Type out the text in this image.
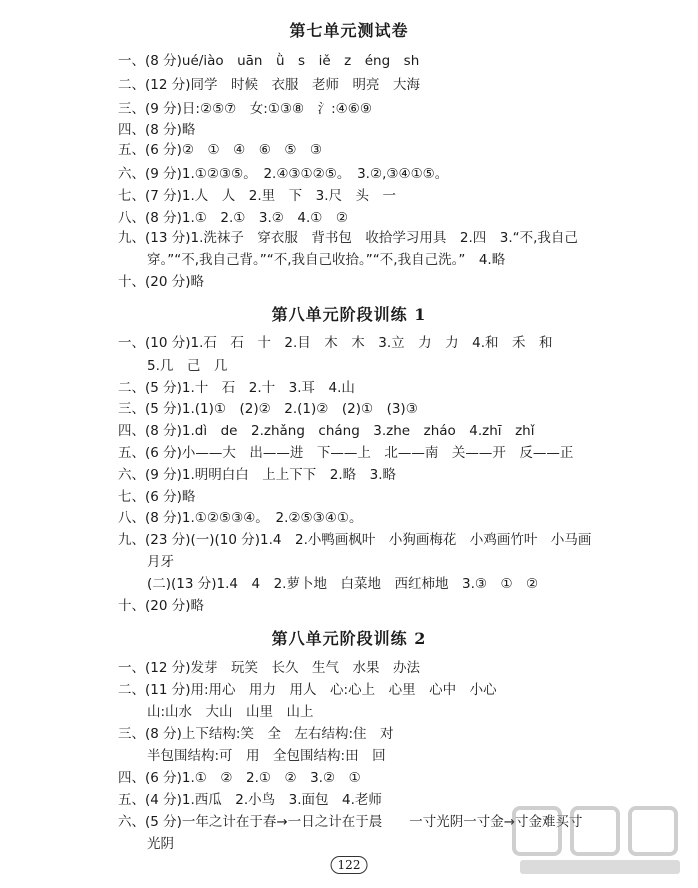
第七单元测试卷
一、(8 分)ué/iào　uān　ǜ　s　iě　z　éng　sh
二、(12 分)同学　时候　衣服　老师　明亮　大海
三、(9 分)日:②⑤⑦　女:①③⑧　氵:④⑥⑨
四、(8 分)略
五、(6 分)②　①　④　⑥　⑤　③
六、(9 分)1.①②③⑤。　2.④③①②⑤。　3.②,③④①⑤。
七、(7 分)1.人　人　2.里　下　3.尺　头　一
八、(8 分)1.①　2.①　3.②　4.①　②
九、(13 分)1.洗袜子　穿衣服　背书包　收拾学习用具　2.四　3.“不,我自己
穿。”“不,我自己背。”“不,我自己收拾。”“不,我自己洗。”　4.略
十、(20 分)略
第八单元阶段训练 1
一、(10 分)1.石　石　十　2.目　木　木　3.立　力　力　4.和　禾　和
5.几　己　几
二、(5 分)1.十　石　2.十　3.耳　4.山
三、(5 分)1.(1)①　(2)②　2.(1)②　(2)①　(3)③
四、(8 分)1.dì　de　2.zhǎng　cháng　3.zhe　zháo　4.zhī　zhǐ
五、(6 分)小——大　出——进　下——上　北——南　关——开　反——正
六、(9 分)1.明明白白　上上下下　2.略　3.略
七、(6 分)略
八、(8 分)1.①②⑤③④。　2.②⑤③④①。
九、(23 分)(一)(10 分)1.4　2.小鸭画枫叶　小狗画梅花　小鸡画竹叶　小马画
月牙
(二)(13 分)1.4　4　2.萝卜地　白菜地　西红柿地　3.③　①　②
十、(20 分)略
第八单元阶段训练 2
一、(12 分)发芽　玩笑　长久　生气　水果　办法
二、(11 分)用:用心　用力　用人　心:心上　心里　心中　小心
山:山水　大山　山里　山上
三、(8 分)上下结构:笑　全　左右结构:住　对
半包围结构:可　用　全包围结构:田　回
四、(6 分)1.①　②　2.①　②　3.②　①
五、(4 分)1.西瓜　2.小鸟　3.面包　4.老师
六、(5 分)一年之计在于春→一日之计在于晨　　一寸光阴一寸金→寸金难买寸
光阴
122
